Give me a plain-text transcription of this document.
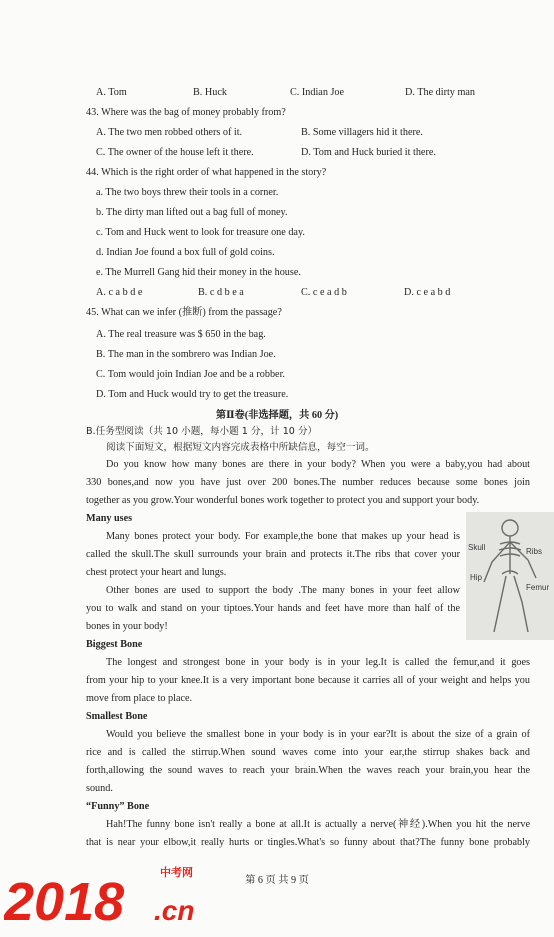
A. Tom	B. Huck	C. Indian Joe	D. The dirty man
43. Where was the bag of money probably from?
A. The two men robbed others of it.	B. Some villagers hid it there.
C. The owner of the house left it there.	D. Tom and Huck buried it there.
44. Which is the right order of what happened in the story?
a. The two boys threw their tools in a corner.
b. The dirty man lifted out a bag full of money.
c. Tom and Huck went to look for treasure one day.
d. Indian Joe found a box full of gold coins.
e. The Murrell Gang hid their money in the house.
A. c a b d e	B. c d b e a	C. c e a d b	D. c e a b d
45. What can we infer (推断) from the passage?
A. The real treasure was $ 650 in the bag.
B. The man in the sombrero was Indian Joe.
C. Tom would join Indian Joe and be a robber.
D. Tom and Huck would try to get the treasure.
第Ⅱ卷(非选择题，共 60 分)
B.任务型阅读（共 10 小题，每小题 1 分，计 10 分）
阅读下面短文，根据短文内容完成表格中所缺信息，每空一词。
Do you know how many bones are there in your body? When you were a baby,you had about
330 bones,and now you have just over 200 bones.The number reduces because some bones join
together as you grow.Your wonderful bones work together to protect you and support your body.
Many uses
Many bones protect your body. For example,the bone that makes up your head is
called the skull.The skull surrounds your brain and protects it.The ribs that cover your
chest protect your heart and lungs.
Other bones are used to support the body .The many bones in your feet allow
you to walk and stand on your tiptoes.Your hands and feet have more than half of the
bones in your body!
Skull	Ribs
Hip
Femur
Biggest Bone
The longest and strongest bone in your body is in your leg.It is called the femur,and it goes
from your hip to your knee.It is a very important bone because it carries all of your weight and helps you
move from place to place.
Smallest Bone
Would you believe the smallest bone in your body is in your ear?It is about the size of a grain of
rice and is called the stirrup.When sound waves come into your ear,the stirrup shakes back and
forth,allowing the sound waves to reach your brain.When the waves reach your brain,you hear the
sound.
“Funny” Bone
Hah!The funny bone isn't really a bone at all.It is actually a nerve(神经).When you hit the nerve
that is near your elbow,it really hurts or tingles.What's so funny about that?The funny bone probably
第 6 页 共 9 页
2018	中考网
.cn
